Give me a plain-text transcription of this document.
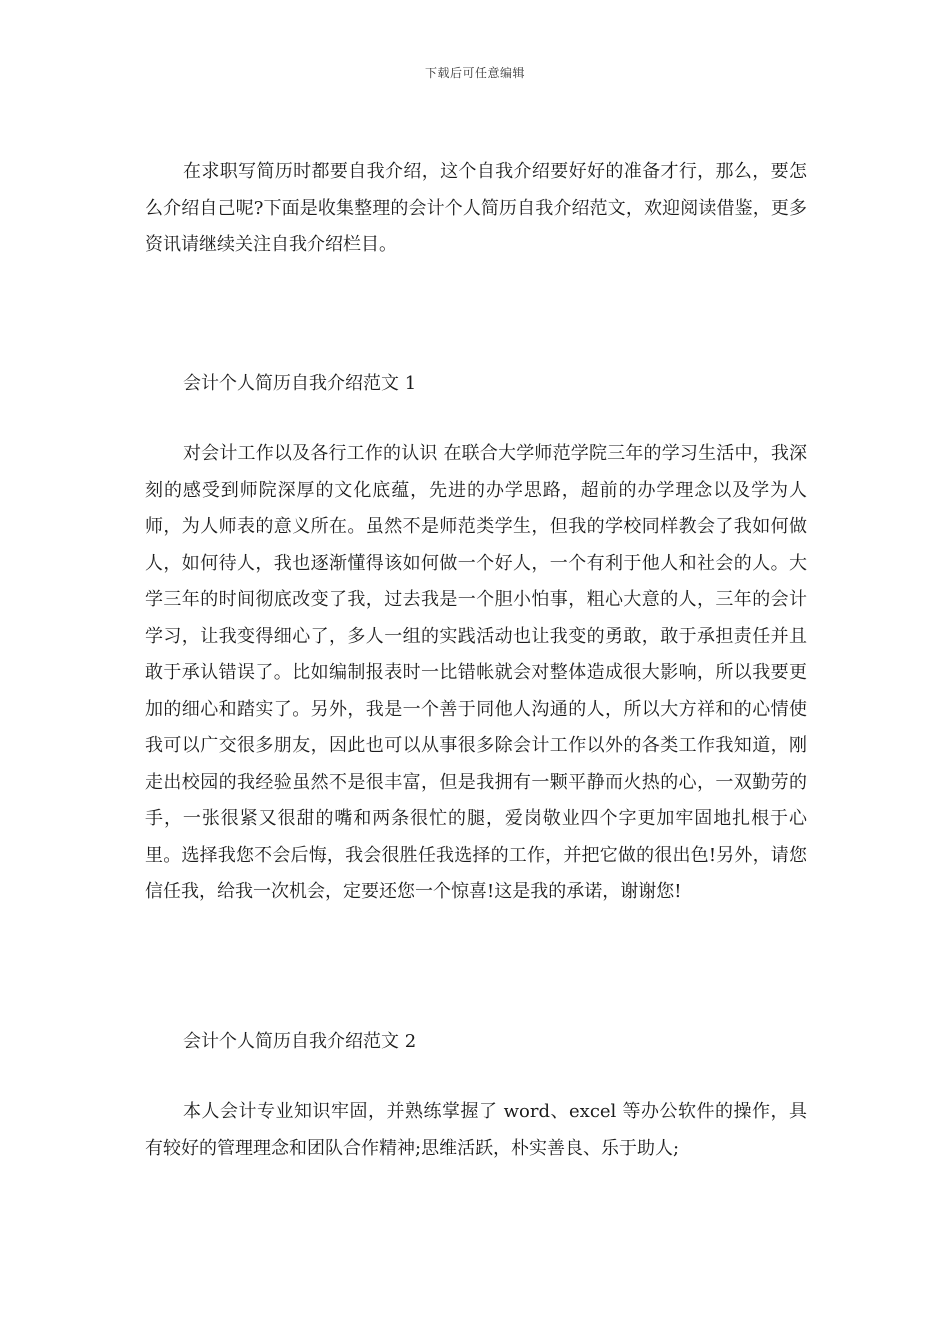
下载后可任意编辑

在求职写简历时都要自我介绍，这个自我介绍要好好的准备才行，那么，要怎么介绍自己呢?下面是收集整理的会计个人简历自我介绍范文，欢迎阅读借鉴，更多资讯请继续关注自我介绍栏目。

会计个人简历自我介绍范文 1

对会计工作以及各行工作的认识 在联合大学师范学院三年的学习生活中，我深刻的感受到师院深厚的文化底蕴，先进的办学思路，超前的办学理念以及学为人师，为人师表的意义所在。虽然不是师范类学生，但我的学校同样教会了我如何做人，如何待人，我也逐渐懂得该如何做一个好人，一个有利于他人和社会的人。大学三年的时间彻底改变了我，过去我是一个胆小怕事，粗心大意的人，三年的会计学习，让我变得细心了，多人一组的实践活动也让我变的勇敢，敢于承担责任并且敢于承认错误了。比如编制报表时一比错帐就会对整体造成很大影响，所以我要更加的细心和踏实了。另外，我是一个善于同他人沟通的人，所以大方祥和的心情使我可以广交很多朋友，因此也可以从事很多除会计工作以外的各类工作我知道，刚走出校园的我经验虽然不是很丰富，但是我拥有一颗平静而火热的心，一双勤劳的手，一张很紧又很甜的嘴和两条很忙的腿，爱岗敬业四个字更加牢固地扎根于心里。选择我您不会后悔，我会很胜任我选择的工作，并把它做的很出色!另外，请您信任我，给我一次机会，定要还您一个惊喜!这是我的承诺，谢谢您!

会计个人简历自我介绍范文 2

本人会计专业知识牢固，并熟练掌握了 word、excel 等办公软件的操作，具有较好的管理理念和团队合作精神;思维活跃，朴实善良、乐于助人;
